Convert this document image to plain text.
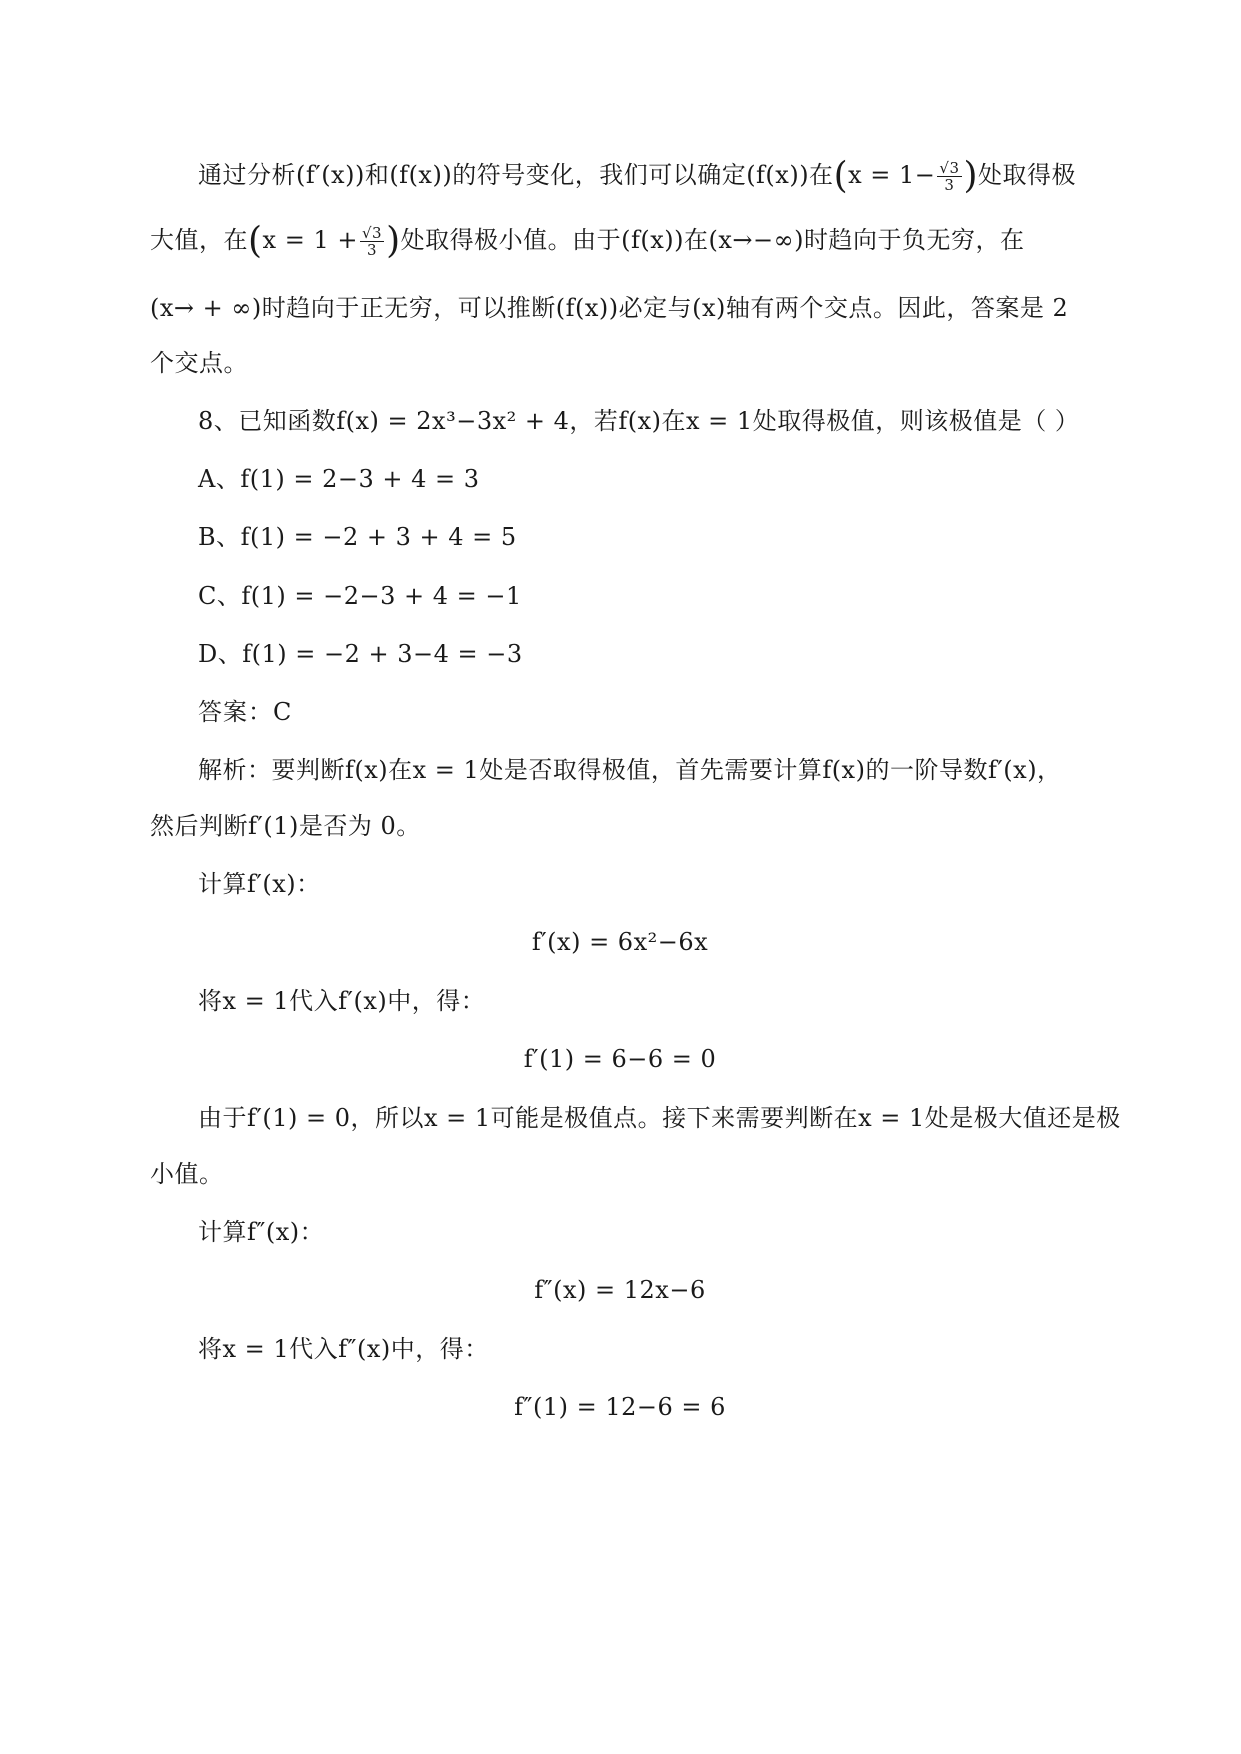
通过分析(f′(x))和(f(x))的符号变化，我们可以确定(f(x))在($x = 1- \frac{√3}{3}$ )处取得极
大值，在($x = 1 + \frac{√3}{3}$ )处取得极小值。由于(f(x))在(x→−∞)时趋向于负无穷，在
(x→ + ∞)时趋向于正无穷，可以推断(f(x))必定与(x)轴有两个交点。因此，答案是 2
个交点。
8、已知函数f(x) = 2x³−3x² + 4，若f(x)在x = 1处取得极值，则该极值是（ ）
A、f(1) = 2−3 + 4 = 3
B、f(1) = −2 + 3 + 4 = 5
C、f(1) = −2−3 + 4 = −1
D、f(1) = −2 + 3−4 = −3
答案：C
解析：要判断f(x)在x = 1处是否取得极值，首先需要计算f(x)的一阶导数f′(x)，
然后判断f′(1)是否为 0。
计算f′(x)：
f′(x) = 6x²−6x
将x = 1代入f′(x)中，得：
f′(1) = 6−6 = 0
由于f′(1) = 0，所以x = 1可能是极值点。接下来需要判断在x = 1处是极大值还是极
小值。
计算f″(x)：
f″(x) = 12x−6
将x = 1代入f″(x)中，得：
f″(1) = 12−6 = 6
